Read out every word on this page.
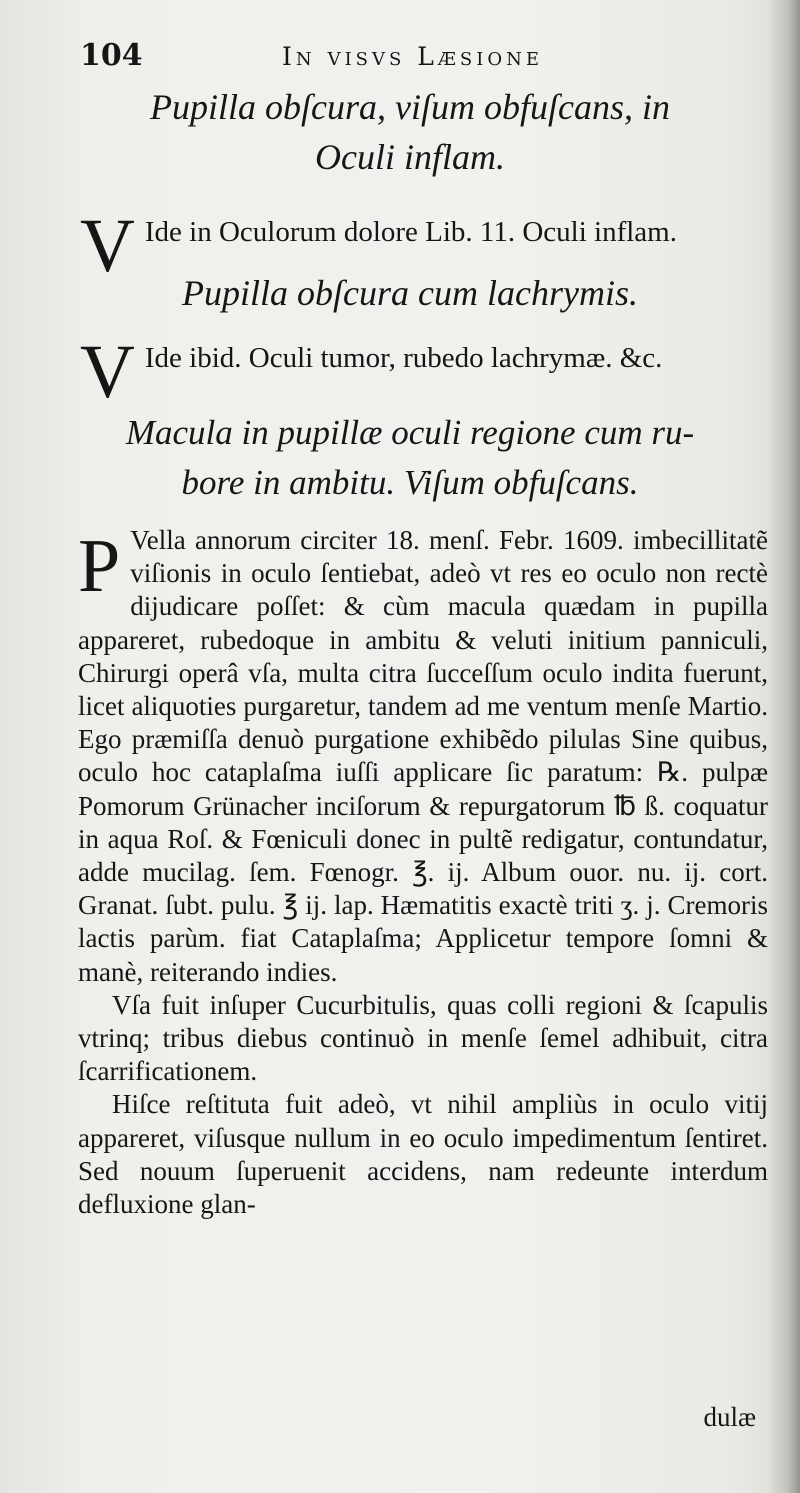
104	In visvs Læsione
Pupilla obſcura, viſum obfuſcans, in
Oculi inflam.
V Ide in Oculorum dolore Lib. 11. Oculi inflam.
Pupilla obſcura cum lachrymis.
V Ide ibid. Oculi tumor, rubedo lachrymæ. &c.
Macula in pupillæ oculi regione cum ru-
bore in ambitu. Viſum obfuſcans.

P Vella annorum circiter 18. menſ. Febr. 1609. imbecillitatẽ viſionis in oculo ſentiebat, adeò vt res eo oculo non rectè dijudicare poſſet: & cùm macula quædam in pupilla appareret, rubedoque in ambitu & veluti initium panniculi, Chirurgi operâ vſa, multa citra ſucceſſum oculo indita fuerunt, licet aliquoties purgaretur, tandem ad me ventum menſe Martio. Ego præmiſſa denuò purgatione exhibẽdo pilulas Sine quibus, oculo hoc cataplaſma iuſſi applicare ſic paratum: ℞. pulpæ Pomorum Grünacher inciſorum & repurgatorum ℔ ß. coquatur in aqua Roſ. & Fœniculi donec in pultẽ redigatur, contundatur, adde mucilag. ſem. Fœnogr. ℥. ij. Album ouor. nu. ij. cort. Granat. ſubt. pulu. ℥ ij. lap. Hæmatitis exactè triti ʒ. j. Cremoris lactis parùm. fiat Cataplaſma; Applicetur tempore ſomni & manè, reiterando indies.

Vſa fuit inſuper Cucurbitulis, quas colli regioni & ſcapulis vtrinq; tribus diebus continuò in menſe ſemel adhibuit, citra ſcarrificationem.

Hiſce reſtituta fuit adeò, vt nihil ampliùs in oculo vitij appareret, viſusque nullum in eo oculo impedimentum ſentiret. Sed nouum ſuperuenit accidens, nam redeunte interdum defluxione glan-

dulæ
